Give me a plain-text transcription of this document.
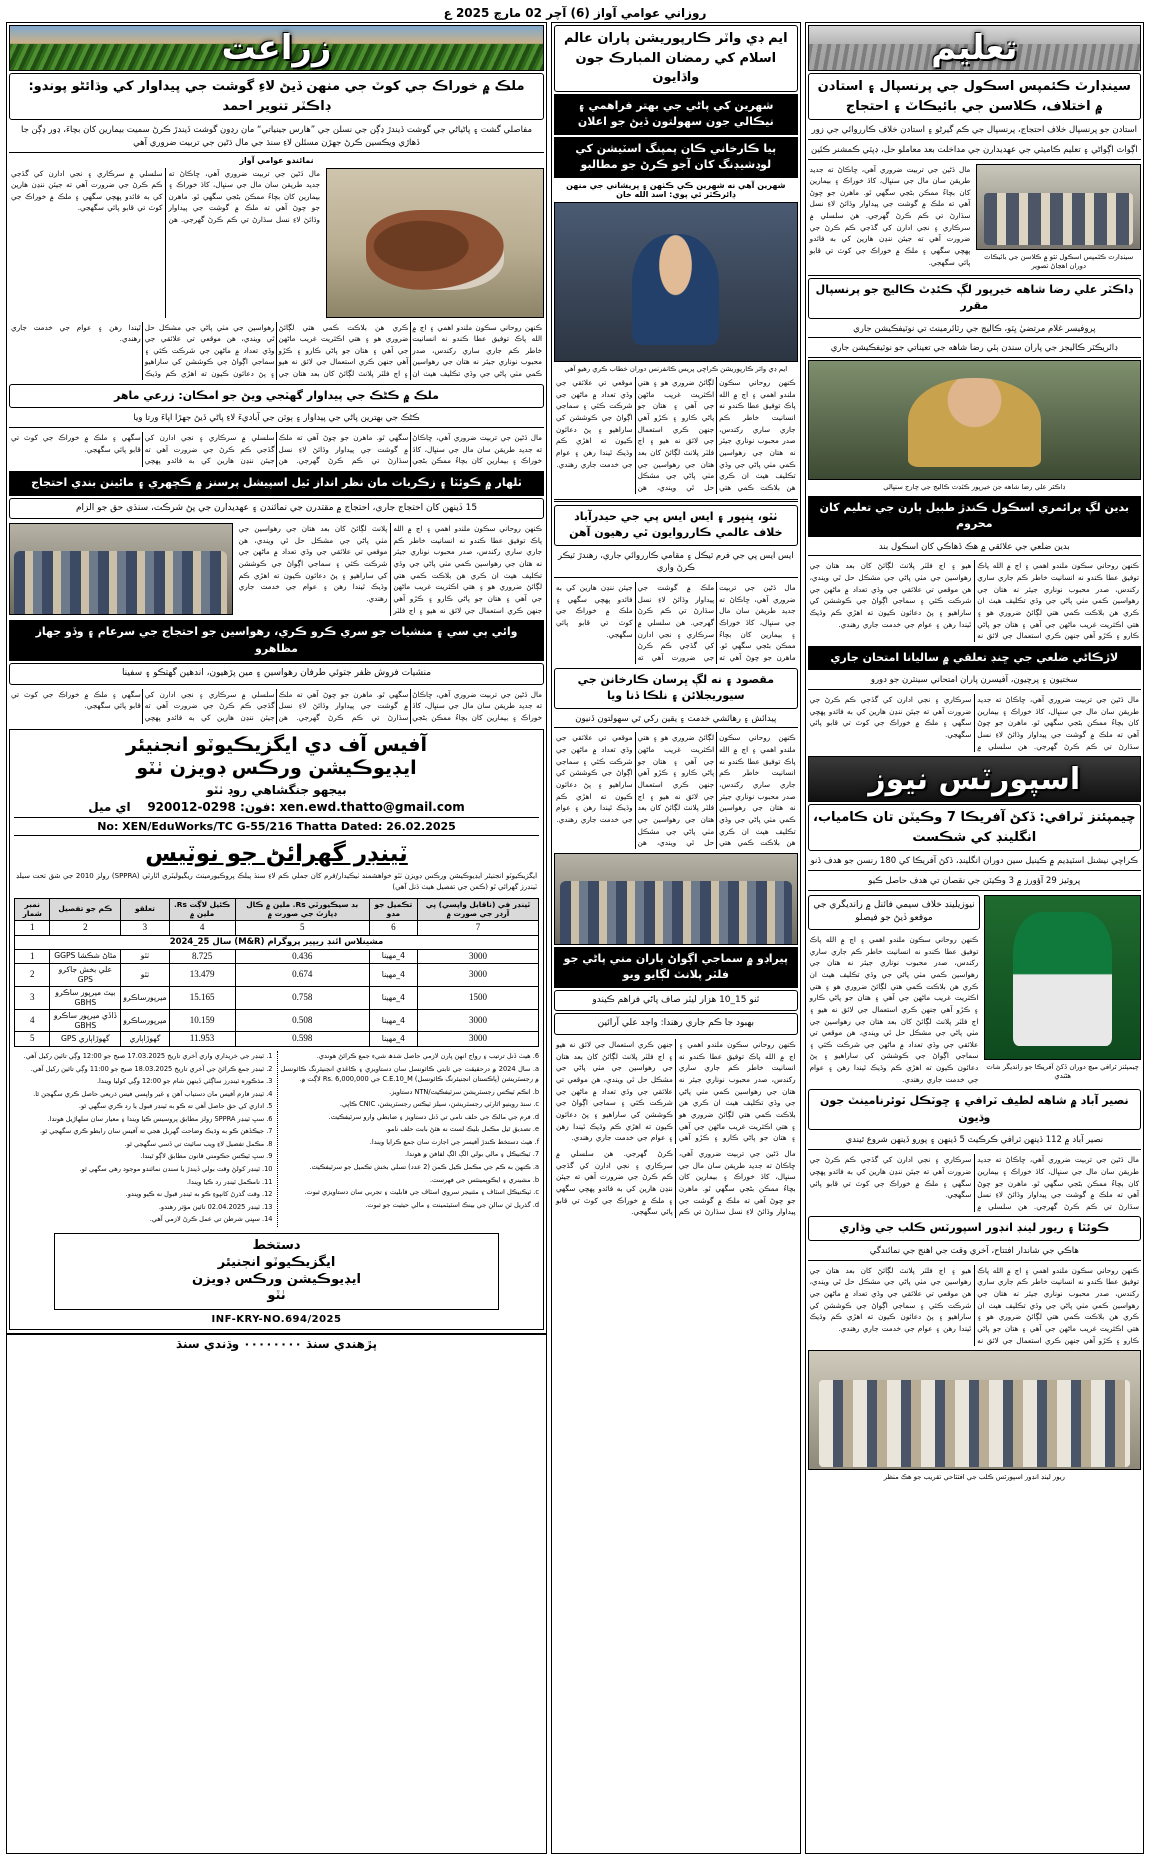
روزاني عوامي آواز (6) آچر 02 مارچ 2025 ع
تعليم
سينڊارٽ ڪئمپس اسڪول جي پرنسپال ۽ استادن ۾ اختلاف، ڪلاسن جي بائيڪاٽ ۽ احتجاج
استادن جو پرنسپال خلاف احتجاج، پرنسپال جي ڪم گيرڻو ۽ استادن خلاف ڪارروائي جي زور
اڳواٽ اڳواڻي ۽ تعليم ڪاميٽي جي عهديدارن جي مداخلت بعد معاملو حل، ڊپٽي ڪمشنر ڪئين
سينڊارٽ ڪئمپس اسڪول ٺٽو ۾ ڪلاسن جي بائيڪاٽ دوران اهڃاڻ تصوير
مال ڌڻين جي تربيت ضروري آهي، ڇاڪاڻ ته جديد طريقن سان مال جي سنڀال، کاڌ خوراڪ ۽ بيمارين کان بچاءُ ممڪن بڻجي سگهي ٿو. ماهرن جو چوڻ آهي ته ملڪ ۾ گوشت جي پيداوار وڌائڻ لاءِ نسل سڌارڻ تي ڪم ڪرڻ گهرجي. هن سلسلي ۾ سرڪاري ۽ نجي ادارن کي گڏجي ڪم ڪرڻ جي ضرورت آهي ته جيئن ننڍن هارين کي به فائدو پهچي سگهي ۽ ملڪ ۾ خوراڪ جي کوٽ تي قابو پائي سگهجي.
ڊاڪٽر علي رضا شاهه خيرپور لڳ ڪئڊٽ ڪاليج جو پرنسپال مقرر
پروفيسر غلام مرتضيٰ ڀٽو، ڪاليج جي رٽائرمينٽ تي نوٽيفڪيشن جاري
ڊائريڪٽر ڪاليجز جي پاران سندن ٻئي رضا شاهه جي تعيناتي جو نوٽيفڪيشن جاري
ڊاڪٽر علي رضا شاهه جن خيرپور ڪئڊٽ ڪاليج جي چارج سنڀالي
بدين لڳ پرائمري اسڪول ڪندڙ طبيل ٻارن جي تعليم کان محروم
بدين ضلعي جي علائقي ۾ هڪ ڏهاڪي کان اسڪول بند
ڪنهن روحاني سڪون ملندو اهمي ۽ اڄ ۾ الله پاڪ توفيق عطا ڪندو نه انسانيت خاطر ڪم جاري ساري رکندس، صدر محبوب نوناري جيئر نه هتان جي رهواسين ڪمي مٺي پاڻي جي وڏي تڪليف هيٺ ان ڪري هن بلاڪت ڪمي هتي لڳائڻ ضروري هو ۽ هتي اڪثريت غريب ماڻهن جي آهي ۽ هتان جو پاڻي ڪارو ۽ ڪڙو آهي جنهن ڪري استعمال جي لائق نه هيو ۽ اڄ فلٽر پلانٽ لڳائڻ کان بعد هتان جي رهواسين جي مٺي پاڻي جي مشڪل حل ٿي ويندي، هن موقعي تي علائقي جي وڏي تعداد ۾ ماڻهن جي شرڪت ڪئي ۽ سماجي اڳواڻ جي ڪوششن کي ساراهيو ۽ پڻ دعائون ڪيون ته اهڙي ڪم وڌيڪ ٿيندا رهن ۽ عوام جي خدمت جاري رهندي.
لاڙڪاڻي ضلعي جي ڇنڊ تعلقي ۾ ساليانا امتحان جاري
سختيون ۽ پرچيون، آفيسرن پاران امتحاني سينٽرن جو دورو
مال ڌڻين جي تربيت ضروري آهي، ڇاڪاڻ ته جديد طريقن سان مال جي سنڀال، کاڌ خوراڪ ۽ بيمارين کان بچاءُ ممڪن بڻجي سگهي ٿو. ماهرن جو چوڻ آهي ته ملڪ ۾ گوشت جي پيداوار وڌائڻ لاءِ نسل سڌارڻ تي ڪم ڪرڻ گهرجي. هن سلسلي ۾ سرڪاري ۽ نجي ادارن کي گڏجي ڪم ڪرڻ جي ضرورت آهي ته جيئن ننڍن هارين کي به فائدو پهچي سگهي ۽ ملڪ ۾ خوراڪ جي کوٽ تي قابو پائي سگهجي.
اسپورٽس نيوز
چيمپئنز ٽرافي: ڏکڻ آفريڪا 7 وڪيٽن تان ڪامياب، انگلينڊ کي شڪست
ڪراچي نيشنل اسٽيڊيم ۾ ڪينيل سين دوران انگلينڊ، ڏکڻ آفريڪا کي 180 رنسن جو هدف ڏنو
پروٽيز 29 آؤورز ۾ 3 وڪيٽن جي نقصان تي هدف حاصل ڪيو
چيمپئنز ٽرافي ميچ دوران ڏکڻ آفريڪا جو رانديگر شاٽ هڻندي
نيوزيلينڊ خلاف سيمي فائنل ۾ رانديگري جي موقعو ڏيڻ جو فيصلو
ڪنهن روحاني سڪون ملندو اهمي ۽ اڄ ۾ الله پاڪ توفيق عطا ڪندو نه انسانيت خاطر ڪم جاري ساري رکندس، صدر محبوب نوناري جيئر نه هتان جي رهواسين ڪمي مٺي پاڻي جي وڏي تڪليف هيٺ ان ڪري هن بلاڪت ڪمي هتي لڳائڻ ضروري هو ۽ هتي اڪثريت غريب ماڻهن جي آهي ۽ هتان جو پاڻي ڪارو ۽ ڪڙو آهي جنهن ڪري استعمال جي لائق نه هيو ۽ اڄ فلٽر پلانٽ لڳائڻ کان بعد هتان جي رهواسين جي مٺي پاڻي جي مشڪل حل ٿي ويندي، هن موقعي تي علائقي جي وڏي تعداد ۾ ماڻهن جي شرڪت ڪئي ۽ سماجي اڳواڻ جي ڪوششن کي ساراهيو ۽ پڻ دعائون ڪيون ته اهڙي ڪم وڌيڪ ٿيندا رهن ۽ عوام جي خدمت جاري رهندي.
نصير آباد ۾ شاهه لطيف ٽرافي ۽ ڇوٽڪل ٽوئرنامينٽ جون وڌيون
نصير آباد ۾ 112 ڏينهن ٽرافي ڪرڪيٽ 5 ڏينهن ۽ پورو ڏينهن شروع ٿيندي
مال ڌڻين جي تربيت ضروري آهي، ڇاڪاڻ ته جديد طريقن سان مال جي سنڀال، کاڌ خوراڪ ۽ بيمارين کان بچاءُ ممڪن بڻجي سگهي ٿو. ماهرن جو چوڻ آهي ته ملڪ ۾ گوشت جي پيداوار وڌائڻ لاءِ نسل سڌارڻ تي ڪم ڪرڻ گهرجي. هن سلسلي ۾ سرڪاري ۽ نجي ادارن کي گڏجي ڪم ڪرڻ جي ضرورت آهي ته جيئن ننڍن هارين کي به فائدو پهچي سگهي ۽ ملڪ ۾ خوراڪ جي کوٽ تي قابو پائي سگهجي.
ڪوئٽا ۽ ريور لينڊ انڊور اسپورٽس ڪلب جي وڌاري
هاڪي جي شاندار افتتاح، آخري وقت جي اهنج جي نمائندگي
ڪنهن روحاني سڪون ملندو اهمي ۽ اڄ ۾ الله پاڪ توفيق عطا ڪندو نه انسانيت خاطر ڪم جاري ساري رکندس، صدر محبوب نوناري جيئر نه هتان جي رهواسين ڪمي مٺي پاڻي جي وڏي تڪليف هيٺ ان ڪري هن بلاڪت ڪمي هتي لڳائڻ ضروري هو ۽ هتي اڪثريت غريب ماڻهن جي آهي ۽ هتان جو پاڻي ڪارو ۽ ڪڙو آهي جنهن ڪري استعمال جي لائق نه هيو ۽ اڄ فلٽر پلانٽ لڳائڻ کان بعد هتان جي رهواسين جي مٺي پاڻي جي مشڪل حل ٿي ويندي، هن موقعي تي علائقي جي وڏي تعداد ۾ ماڻهن جي شرڪت ڪئي ۽ سماجي اڳواڻ جي ڪوششن کي ساراهيو ۽ پڻ دعائون ڪيون ته اهڙي ڪم وڌيڪ ٿيندا رهن ۽ عوام جي خدمت جاري رهندي.
ريور لينڊ انڊور اسپورٽس ڪلب جي افتتاحي تقريب جو هڪ منظر
ايم ڊي واٽر ڪارپوريشن پاران عالم اسلام کي رمضان المبارڪ جون واڌايون
شهرين کي پاڻي جي بهتر فراهمي ۽ نيڪالي جون سهولتون ڏيڻ جو اعلان
ٻيا ڪارخاني ڪان پمپنگ اسٽيشن کي لوڊشيڊنگ کان آجو ڪرڻ جو مطالبو
شهرين آهي نه شهرين ڪي ڪٺهن ۽ پريشاني جي منهن ڊائرڪٽر ٿي پوي: اسد الله خان
ايم ڊي واٽر ڪارپوريشن ڪراچي پريس ڪانفرنس دوران خطاب ڪري رهيو آهي
ڪنهن روحاني سڪون ملندو اهمي ۽ اڄ ۾ الله پاڪ توفيق عطا ڪندو نه انسانيت خاطر ڪم جاري ساري رکندس، صدر محبوب نوناري جيئر نه هتان جي رهواسين ڪمي مٺي پاڻي جي وڏي تڪليف هيٺ ان ڪري هن بلاڪت ڪمي هتي لڳائڻ ضروري هو ۽ هتي اڪثريت غريب ماڻهن جي آهي ۽ هتان جو پاڻي ڪارو ۽ ڪڙو آهي جنهن ڪري استعمال جي لائق نه هيو ۽ اڄ فلٽر پلانٽ لڳائڻ کان بعد هتان جي رهواسين جي مٺي پاڻي جي مشڪل حل ٿي ويندي، هن موقعي تي علائقي جي وڏي تعداد ۾ ماڻهن جي شرڪت ڪئي ۽ سماجي اڳواڻ جي ڪوششن کي ساراهيو ۽ پڻ دعائون ڪيون ته اهڙي ڪم وڌيڪ ٿيندا رهن ۽ عوام جي خدمت جاري رهندي.
ٺٽو، ڀنڀور ۽ ايس ايس پي جي حيدرآباد خلاف عالمي ڪارروايون ٿي رهيون آهن
ايس ايس پي جي فرم ٽيڪل ۽ مقامي ڪارروائي جاري، رهندڙ ٽيڪر ڪرڻ واري
مال ڌڻين جي تربيت ضروري آهي، ڇاڪاڻ ته جديد طريقن سان مال جي سنڀال، کاڌ خوراڪ ۽ بيمارين کان بچاءُ ممڪن بڻجي سگهي ٿو. ماهرن جو چوڻ آهي ته ملڪ ۾ گوشت جي پيداوار وڌائڻ لاءِ نسل سڌارڻ تي ڪم ڪرڻ گهرجي. هن سلسلي ۾ سرڪاري ۽ نجي ادارن کي گڏجي ڪم ڪرڻ جي ضرورت آهي ته جيئن ننڍن هارين کي به فائدو پهچي سگهي ۽ ملڪ ۾ خوراڪ جي کوٽ تي قابو پائي سگهجي.
مقصود ۽ نه لڳ ڀرسان ڪارخانن جي سيوريجلائن ۽ نلڪا ڏنا ويا
پيدائش ۽ رهائشي خدمت ۽ يقين رکي ٿي سهولتون ڏنيون
ڪنهن روحاني سڪون ملندو اهمي ۽ اڄ ۾ الله پاڪ توفيق عطا ڪندو نه انسانيت خاطر ڪم جاري ساري رکندس، صدر محبوب نوناري جيئر نه هتان جي رهواسين ڪمي مٺي پاڻي جي وڏي تڪليف هيٺ ان ڪري هن بلاڪت ڪمي هتي لڳائڻ ضروري هو ۽ هتي اڪثريت غريب ماڻهن جي آهي ۽ هتان جو پاڻي ڪارو ۽ ڪڙو آهي جنهن ڪري استعمال جي لائق نه هيو ۽ اڄ فلٽر پلانٽ لڳائڻ کان بعد هتان جي رهواسين جي مٺي پاڻي جي مشڪل حل ٿي ويندي، هن موقعي تي علائقي جي وڏي تعداد ۾ ماڻهن جي شرڪت ڪئي ۽ سماجي اڳواڻ جي ڪوششن کي ساراهيو ۽ پڻ دعائون ڪيون ته اهڙي ڪم وڌيڪ ٿيندا رهن ۽ عوام جي خدمت جاري رهندي.
پيراڊو ۾ سماجي اڳواڻ پاران مني پاڻي جو فلٽر پلانٽ لڳايو ويو
ٿنو 15_10 هزار ليٽر صاف پاڻي فراهم ڪيندو
بهبود جا ڪم جاري رهندا: واجد علي آرائين
ڪنهن روحاني سڪون ملندو اهمي ۽ اڄ ۾ الله پاڪ توفيق عطا ڪندو نه انسانيت خاطر ڪم جاري ساري رکندس، صدر محبوب نوناري جيئر نه هتان جي رهواسين ڪمي مٺي پاڻي جي وڏي تڪليف هيٺ ان ڪري هن بلاڪت ڪمي هتي لڳائڻ ضروري هو ۽ هتي اڪثريت غريب ماڻهن جي آهي ۽ هتان جو پاڻي ڪارو ۽ ڪڙو آهي جنهن ڪري استعمال جي لائق نه هيو ۽ اڄ فلٽر پلانٽ لڳائڻ کان بعد هتان جي رهواسين جي مٺي پاڻي جي مشڪل حل ٿي ويندي، هن موقعي تي علائقي جي وڏي تعداد ۾ ماڻهن جي شرڪت ڪئي ۽ سماجي اڳواڻ جي ڪوششن کي ساراهيو ۽ پڻ دعائون ڪيون ته اهڙي ڪم وڌيڪ ٿيندا رهن ۽ عوام جي خدمت جاري رهندي.
مال ڌڻين جي تربيت ضروري آهي، ڇاڪاڻ ته جديد طريقن سان مال جي سنڀال، کاڌ خوراڪ ۽ بيمارين کان بچاءُ ممڪن بڻجي سگهي ٿو. ماهرن جو چوڻ آهي ته ملڪ ۾ گوشت جي پيداوار وڌائڻ لاءِ نسل سڌارڻ تي ڪم ڪرڻ گهرجي. هن سلسلي ۾ سرڪاري ۽ نجي ادارن کي گڏجي ڪم ڪرڻ جي ضرورت آهي ته جيئن ننڍن هارين کي به فائدو پهچي سگهي ۽ ملڪ ۾ خوراڪ جي کوٽ تي قابو پائي سگهجي.
زراعت
ملڪ ۾ خوراڪ جي کوٽ جي منهن ڏيڻ لاءِ گوشت جي پيداوار کي وڌائڻو پوندو: ڊاڪٽر تنوير احمد
مفاصلي گشت ۽ پاڻياڻي جي گوشت ڏيندڙ ڍڳن جي نسلن جي ”هارس جينياتي“ مان رڍون گوشت ڏيندڙ ڪرڻ سميت بيمارين کان بچاءَ، ڍور ڍڳن جا ڏهاڙي ويڪسين ڪرڻ جهڙن مسئلن لاءِ سنڌ جي مال ڌڻين جي تربيت ضروري آهي
نمائندو عوامي آواز
مال ڌڻين جي تربيت ضروري آهي، ڇاڪاڻ ته جديد طريقن سان مال جي سنڀال، کاڌ خوراڪ ۽ بيمارين کان بچاءُ ممڪن بڻجي سگهي ٿو. ماهرن جو چوڻ آهي ته ملڪ ۾ گوشت جي پيداوار وڌائڻ لاءِ نسل سڌارڻ تي ڪم ڪرڻ گهرجي. هن سلسلي ۾ سرڪاري ۽ نجي ادارن کي گڏجي ڪم ڪرڻ جي ضرورت آهي ته جيئن ننڍن هارين کي به فائدو پهچي سگهي ۽ ملڪ ۾ خوراڪ جي کوٽ تي قابو پائي سگهجي.
ڪنهن روحاني سڪون ملندو اهمي ۽ اڄ ۾ الله پاڪ توفيق عطا ڪندو نه انسانيت خاطر ڪم جاري ساري رکندس، صدر محبوب نوناري جيئر نه هتان جي رهواسين ڪمي مٺي پاڻي جي وڏي تڪليف هيٺ ان ڪري هن بلاڪت ڪمي هتي لڳائڻ ضروري هو ۽ هتي اڪثريت غريب ماڻهن جي آهي ۽ هتان جو پاڻي ڪارو ۽ ڪڙو آهي جنهن ڪري استعمال جي لائق نه هيو ۽ اڄ فلٽر پلانٽ لڳائڻ کان بعد هتان جي رهواسين جي مٺي پاڻي جي مشڪل حل ٿي ويندي، هن موقعي تي علائقي جي وڏي تعداد ۾ ماڻهن جي شرڪت ڪئي ۽ سماجي اڳواڻ جي ڪوششن کي ساراهيو ۽ پڻ دعائون ڪيون ته اهڙي ڪم وڌيڪ ٿيندا رهن ۽ عوام جي خدمت جاري رهندي.
ملڪ ۾ ڪڻڪ جي پيداوار گهٽجي ويڻ جو امڪان: زرعي ماهر
ڪڻڪ جي بهترين پاڻي جي پيداوار ۽ ٻوٽن جي آباديءَ لاءِ پاڻي ڏيڻ جهڙا اپاءَ ورتا ويا
مال ڌڻين جي تربيت ضروري آهي، ڇاڪاڻ ته جديد طريقن سان مال جي سنڀال، کاڌ خوراڪ ۽ بيمارين کان بچاءُ ممڪن بڻجي سگهي ٿو. ماهرن جو چوڻ آهي ته ملڪ ۾ گوشت جي پيداوار وڌائڻ لاءِ نسل سڌارڻ تي ڪم ڪرڻ گهرجي. هن سلسلي ۾ سرڪاري ۽ نجي ادارن کي گڏجي ڪم ڪرڻ جي ضرورت آهي ته جيئن ننڍن هارين کي به فائدو پهچي سگهي ۽ ملڪ ۾ خوراڪ جي کوٽ تي قابو پائي سگهجي.
ٺلهار ۾ ڪوئٽا ۽ زڪريات مان نظر انداز ٿيل اسپيشل پرسنز ۾ ڪچهري ۽ مائينن بندي احتجاج
15 ڏينهن کان احتجاج جاري، احتجاج ۾ مقتدرن جي نمائندن ۽ عهديدارن جي پڻ شرڪت، سنڌي حق جو الزام
ڪنهن روحاني سڪون ملندو اهمي ۽ اڄ ۾ الله پاڪ توفيق عطا ڪندو نه انسانيت خاطر ڪم جاري ساري رکندس، صدر محبوب نوناري جيئر نه هتان جي رهواسين ڪمي مٺي پاڻي جي وڏي تڪليف هيٺ ان ڪري هن بلاڪت ڪمي هتي لڳائڻ ضروري هو ۽ هتي اڪثريت غريب ماڻهن جي آهي ۽ هتان جو پاڻي ڪارو ۽ ڪڙو آهي جنهن ڪري استعمال جي لائق نه هيو ۽ اڄ فلٽر پلانٽ لڳائڻ کان بعد هتان جي رهواسين جي مٺي پاڻي جي مشڪل حل ٿي ويندي، هن موقعي تي علائقي جي وڏي تعداد ۾ ماڻهن جي شرڪت ڪئي ۽ سماجي اڳواڻ جي ڪوششن کي ساراهيو ۽ پڻ دعائون ڪيون ته اهڙي ڪم وڌيڪ ٿيندا رهن ۽ عوام جي خدمت جاري رهندي.
وائي ٻي سي ۽ منشيات جو سري ڪرو ڪري، رهواسين جو احتجاج جي سرعام ۽ وڏو جهاز مظاهرو
منشيات فروش ظفر جتوئي طرفان رهواسين ۽ مين پڙهيون، اندهين گهتڪو ۽ سفينا
مال ڌڻين جي تربيت ضروري آهي، ڇاڪاڻ ته جديد طريقن سان مال جي سنڀال، کاڌ خوراڪ ۽ بيمارين کان بچاءُ ممڪن بڻجي سگهي ٿو. ماهرن جو چوڻ آهي ته ملڪ ۾ گوشت جي پيداوار وڌائڻ لاءِ نسل سڌارڻ تي ڪم ڪرڻ گهرجي. هن سلسلي ۾ سرڪاري ۽ نجي ادارن کي گڏجي ڪم ڪرڻ جي ضرورت آهي ته جيئن ننڍن هارين کي به فائدو پهچي سگهي ۽ ملڪ ۾ خوراڪ جي کوٽ تي قابو پائي سگهجي.
آفيس آف دي ايگزيڪيوٽو انجنيئر
ايڊيوڪيشن ورڪس ڊويزن ٺٽو
بيجهو جنگشاهي روڊ ٺٽو
فون: 0298-920012    اي ميل: xen.ewd.thatto@gmail.com
No: XEN/EduWorks/TC G-55/216 Thatta Dated: 26.02.2025
ٽينڊر گهرائڻ جو نوٽيس
ايگزيڪيوٽو انجنيئر ايڊيوڪيشن ورڪس ڊويزن ٺٽو خواهشمند ٺيڪيدار/فرم کان جملي ڪم لاءِ سنڌ پبلڪ پروڪيورمينٽ ريگيوليٽري اٿارٽي (SPPRA) رولز 2010 جي شق تحت سيلڊ ٽينڊرز گهرائي ٿو (ڪمن جي تفصيل هيٺ ڏنل آهي)
ٽينڊر في (ناقابل واپسي) پي آرڊر جي صورت ۾	تڪميل جو مدو	بد سيڪيورٽي Rs. ملين ۾ ڪال ڊپازٽ جي صورت ۾	ڪئيل لاڳت Rs. ملين ۾	تعلقو	ڪم جو تفصيل	نمبر شمار
7	6	5	4	3	2	1
مشينلاس ائنڊ ريپير پروگرام (M&R) سال 25_2024						
3000	4_مهينا	0.436	8.725	ٺٽو	مٿاڻ شڪشا GGPS	1
3000	4_مهينا	0.674	13.479	ٺٽو	علي بخش جاکرو GPS	2
1500	4_مهينا	0.758	15.165	ميرپورساڪرو	بيٽ ميرپور ساڪرو GBHS	3
3000	4_مهينا	0.508	10.159	ميرپورساڪرو	ڏاڏي ميرپور ساڪرو GBHS	4
3000	4_مهينا	0.598	11.953	گهوڙاٻاري	گهوڙاٻاري GPS	5
6. هيٺ ڏنل ترتيب ۽ رواج انهن پارن لازمي حاصل شدھ شيء جمع ڪرائڻ هوندي.
a. سال 2024 ۾ درحقيقت جي ثابتي ڪائونسل سان دستاويزي ۽ ڪاغذي انجنيئرنگ ڪائونسل ۾ رجسٽريشن (پاڪستان انجنيئرنگ ڪائونسل) C.E.10_M جي Rs. 6,000,000 لاڳت ۾.
b. انڪم ٽيڪس رجسٽريشن سرٽيفڪيٽ/NTN دستاويز.
c. سنڌ روينيو اٿارٽي رجسٽريشن، سيلز ٽيڪس رجسٽريشن، CNIC ڪاپي.
d. فرم جي مالڪ جي حلف نامي تي ڏنل دستاويز ۽ ضابطي وارو سرٽيفڪيٽ.
e. تصديق ٿيل مڪمل بليڪ لسٽ نه هئڻ بابت حلف نامو.
f. هيٺ دستخط ڪندڙ آفيسر جي اجازت سان جمع ڪرايا ويندا.
7. ٽيڪنيڪل ۽ مالي بولي الڳ الڳ لفافن ۾ هوندا.
a. ڪنهن به ڪم جي مڪمل ڪيل ڪمن (2 عدد) تسلي بخش تڪميل جو سرٽيفڪيٽ.
b. مشينري ۽ ايڪوپمينٽس جي فهرست.
c. ٽيڪنيڪل اسٽاف ۽ مئنيجر سروي اسٽاف جي قابليت ۽ تجربي سان دستاويزي ثبوت.
d. گذريل ٽن سالن جي بينڪ اسٽيٽمينٽ ۽ مالي حيثيت جو ثبوت.
1. ٽينڊر جي خريداري واري آخري تاريخ 17.03.2025 صبح جو 12:00 وڳي تائين رکيل آهي.
2. ٽينڊر جمع ڪرائڻ جي آخري تاريخ 18.03.2025 صبح جو 11:00 وڳي تائين رکيل آهي.
3. مذڪوره ٽينڊرز ساڳئي ڏينهن شام جو 12:00 وڳي کوليا ويندا.
4. ٽينڊر فارم آفيس مان دستياب آهن ۽ غير واپسي فيس ذريعي حاصل ڪري سگهجن ٿا.
5. اداري کي حق حاصل آهي ته ڪو به ٽينڊر قبول يا رد ڪري سگهي ٿو.
6. سڀ ٽينڊر SPPRA رولز مطابق پروسيس ڪيا ويندا ۽ معيار سان سلهاڙيل هوندا.
7. جيڪڏهن ڪو به وڌيڪ وضاحت گهربل هجي ته آفيس سان رابطو ڪري سگهجي ٿو.
8. مڪمل تفصيل لاءِ ويب سائيٽ تي ڏسي سگهجي ٿو.
9. سڀ ٽيڪس حڪومتي قانون مطابق لاڳو ٿيندا.
10. ٽينڊر کولڻ وقت بولي ڏيندڙ يا سندن نمائندو موجود رهي سگهي ٿو.
11. نامڪمل ٽينڊر رد ڪيا ويندا.
12. وقت گذرڻ کانپوءِ ڪو به ٽينڊر قبول نه ڪيو ويندو.
13. ٽينڊر 02.04.2025 تائين مؤثر رهندو.
14. سڀني شرطن تي عمل ڪرڻ لازمي آهي.
دستخط
ايگزيڪيوٽو انجنيئر
ايڊيوڪيشن ورڪس ڊويزن
ٺٽو
INF-KRY-NO.694/2025
پڙهندي سنڌ ۰۰۰۰۰۰۰۰ وڌندي سنڌ
